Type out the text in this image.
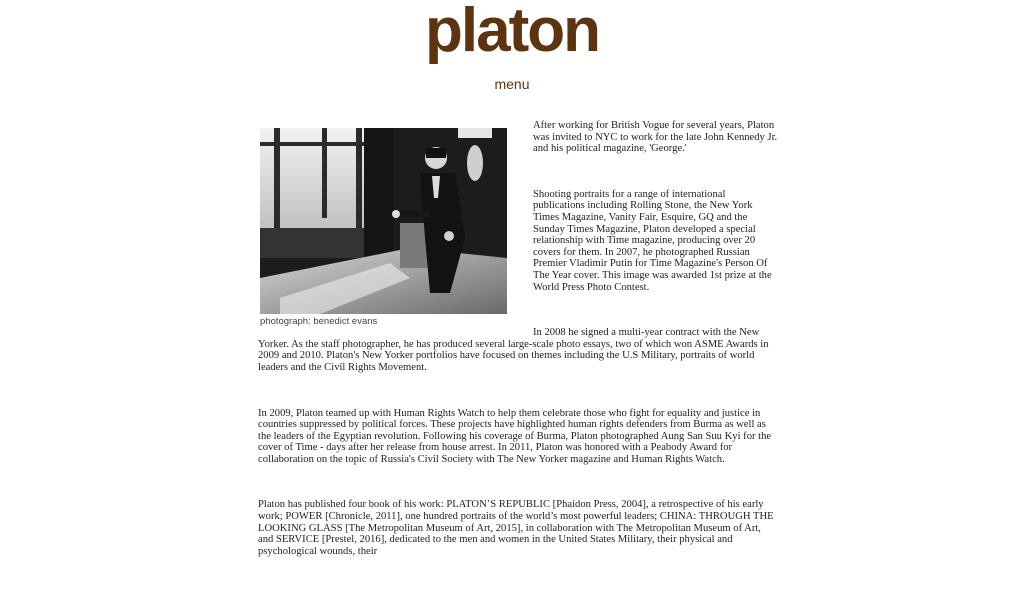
platon
menu
photograph: benedict evans

After working for British Vogue for several years, Platon was invited to NYC to work for the late John Kennedy Jr. and his political magazine, 'George.'

Shooting portraits for a range of international publications including Rolling Stone, the New York Times Magazine, Vanity Fair, Esquire, GQ and the Sunday Times Magazine, Platon developed a special relationship with Time magazine, producing over 20 covers for them. In 2007, he photographed Russian Premier Vladimir Putin for Time Magazine's Person Of The Year cover. This image was awarded 1st prize at the World Press Photo Contest.

In 2008 he signed a multi-year contract with the New Yorker. As the staff photographer, he has produced several large-scale photo essays, two of which won ASME Awards in 2009 and 2010. Platon's New Yorker portfolios have focused on themes including the U.S Military, portraits of world leaders and the Civil Rights Movement.

In 2009, Platon teamed up with Human Rights Watch to help them celebrate those who fight for equality and justice in countries suppressed by political forces. These projects have highlighted human rights defenders from Burma as well as the leaders of the Egyptian revolution. Following his coverage of Burma, Platon photographed Aung San Suu Kyi for the cover of Time - days after her release from house arrest. In 2011, Platon was honored with a Peabody Award for collaboration on the topic of Russia's Civil Society with The New Yorker magazine and Human Rights Watch.

Platon has published four book of his work: PLATON’S REPUBLIC [Phaidon Press, 2004], a retrospective of his early work; POWER [Chronicle, 2011], one hundred portraits of the world’s most powerful leaders; CHINA: THROUGH THE LOOKING GLASS [The Metropolitan Museum of Art, 2015], in collaboration with The Metropolitan Museum of Art, and SERVICE [Prestel, 2016], dedicated to the men and women in the United States Military, their physical and psychological wounds, their
